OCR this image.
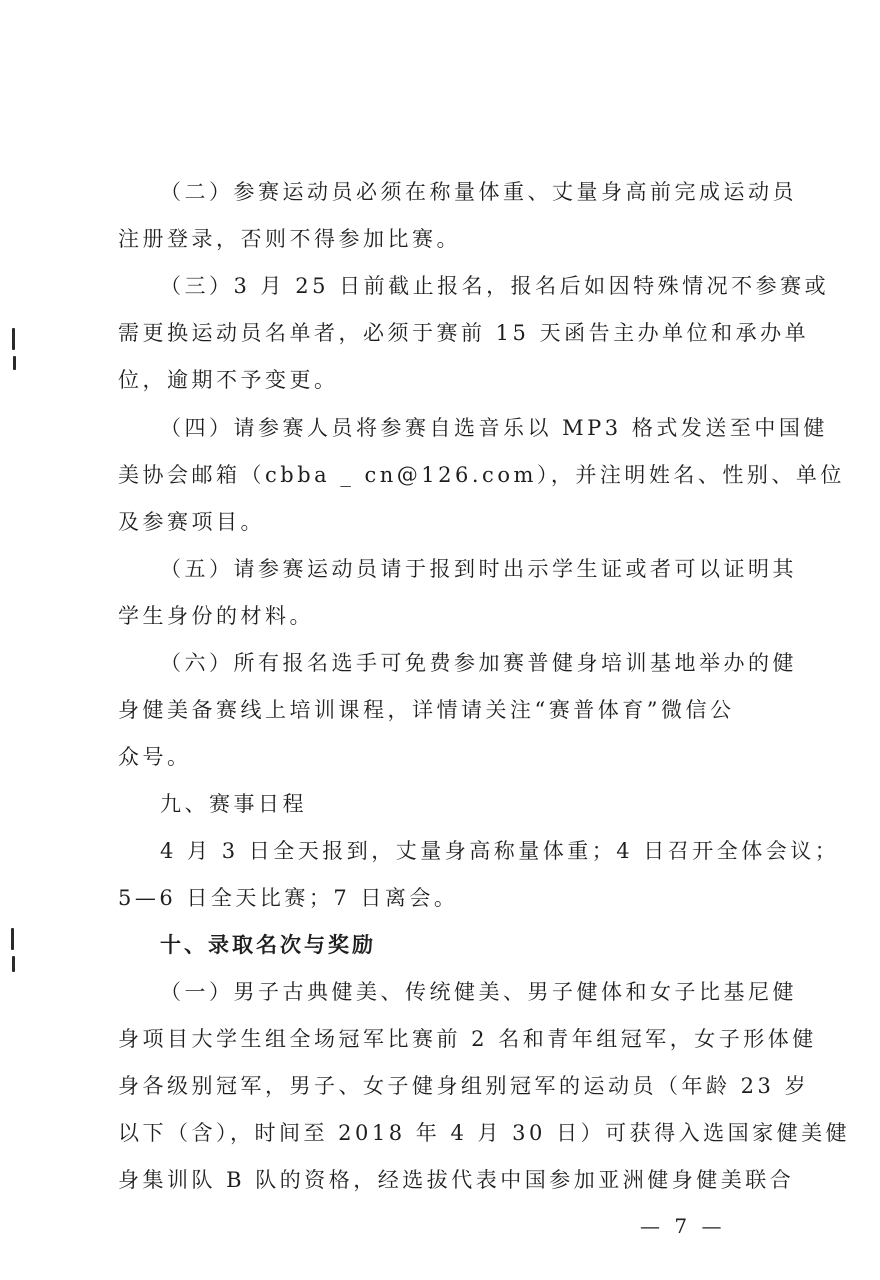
（二）参赛运动员必须在称量体重、丈量身高前完成运动员
注册登录，否则不得参加比赛。
（三）3 月 25 日前截止报名，报名后如因特殊情况不参赛或
需更换运动员名单者，必须于赛前 15 天函告主办单位和承办单
位，逾期不予变更。
（四）请参赛人员将参赛自选音乐以 MP3 格式发送至中国健
美协会邮箱（cbba _ cn@126.com），并注明姓名、性别、单位
及参赛项目。
（五）请参赛运动员请于报到时出示学生证或者可以证明其
学生身份的材料。
（六）所有报名选手可免费参加赛普健身培训基地举办的健
身健美备赛线上培训课程，详情请关注“赛普体育”微信公
众号。
九、赛事日程
4 月 3 日全天报到，丈量身高称量体重；4 日召开全体会议；
5—6 日全天比赛；7 日离会。
十、录取名次与奖励
（一）男子古典健美、传统健美、男子健体和女子比基尼健
身项目大学生组全场冠军比赛前 2 名和青年组冠军，女子形体健
身各级别冠军，男子、女子健身组别冠军的运动员（年龄 23 岁
以下（含），时间至 2018 年 4 月 30 日）可获得入选国家健美健
身集训队 B 队的资格，经选拔代表中国参加亚洲健身健美联合
— 7 —
